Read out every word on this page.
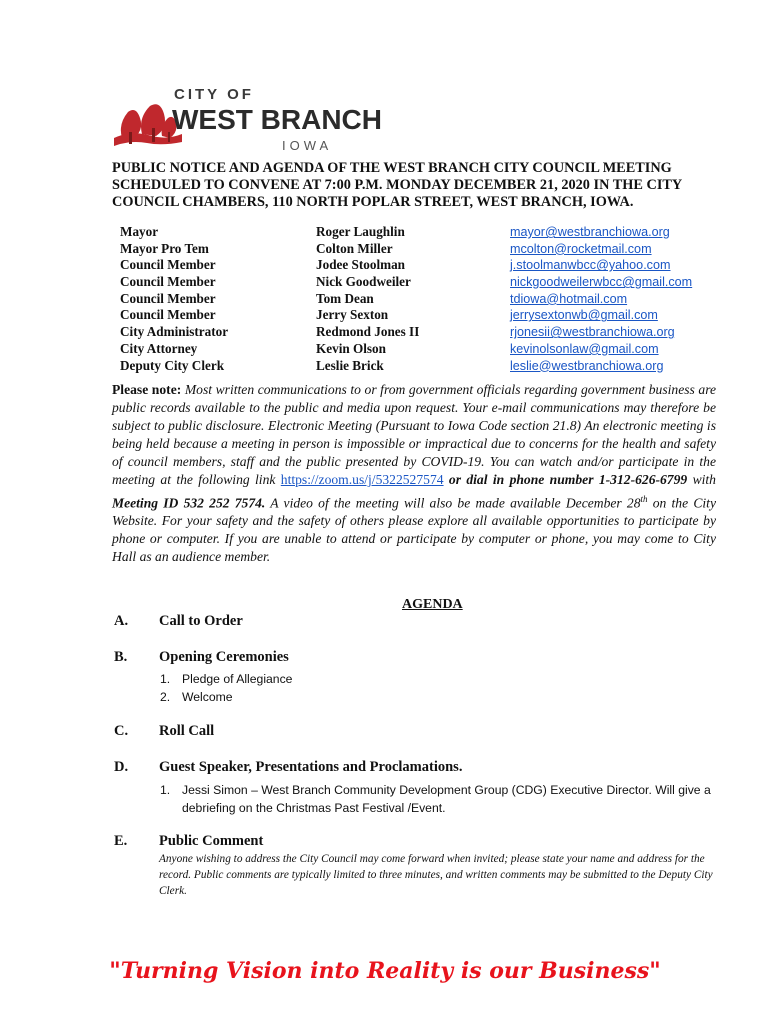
CITY OF
WEST BRANCH
IOWA
PUBLIC NOTICE AND AGENDA OF THE WEST BRANCH CITY COUNCIL MEETING SCHEDULED TO CONVENE AT 7:00 P.M. MONDAY DECEMBER 21, 2020 IN THE CITY COUNCIL CHAMBERS, 110 NORTH POPLAR STREET, WEST BRANCH, IOWA.
Mayor	Roger Laughlin	mayor@westbranchiowa.org
Mayor Pro Tem	Colton Miller	mcolton@rocketmail.com
Council Member	Jodee Stoolman	j.stoolmanwbcc@yahoo.com
Council Member	Nick Goodweiler	nickgoodweilerwbcc@gmail.com
Council Member	Tom Dean	tdiowa@hotmail.com
Council Member	Jerry Sexton	jerrysextonwb@gmail.com
City Administrator	Redmond Jones II	rjonesii@westbranchiowa.org
City Attorney	Kevin Olson	kevinolsonlaw@gmail.com
Deputy City Clerk	Leslie Brick	leslie@westbranchiowa.org
Please note: Most written communications to or from government officials regarding government business are public records available to the public and media upon request. Your e-mail communications may therefore be subject to public disclosure. Electronic Meeting (Pursuant to Iowa Code section 21.8) An electronic meeting is being held because a meeting in person is impossible or impractical due to concerns for the health and safety of council members, staff and the public presented by COVID-19. You can watch and/or participate in the meeting at the following link https://zoom.us/j/5322527574 or dial in phone number 1-312-626-6799 with Meeting ID 532 252 7574. A video of the meeting will also be made available December 28th on the City Website. For your safety and the safety of others please explore all available opportunities to participate by phone or computer. If you are unable to attend or participate by computer or phone, you may come to City Hall as an audience member.
AGENDA
A.	Call to Order
B.	Opening Ceremonies
1. Pledge of Allegiance
2. Welcome
C.	Roll Call
D.	Guest Speaker, Presentations and Proclamations.
1. Jessi Simon – West Branch Community Development Group (CDG) Executive Director. Will give a debriefing on the Christmas Past Festival /Event.
E.	Public Comment
Anyone wishing to address the City Council may come forward when invited; please state your name and address for the record. Public comments are typically limited to three minutes, and written comments may be submitted to the Deputy City Clerk.
"Turning Vision into Reality is our Business"
